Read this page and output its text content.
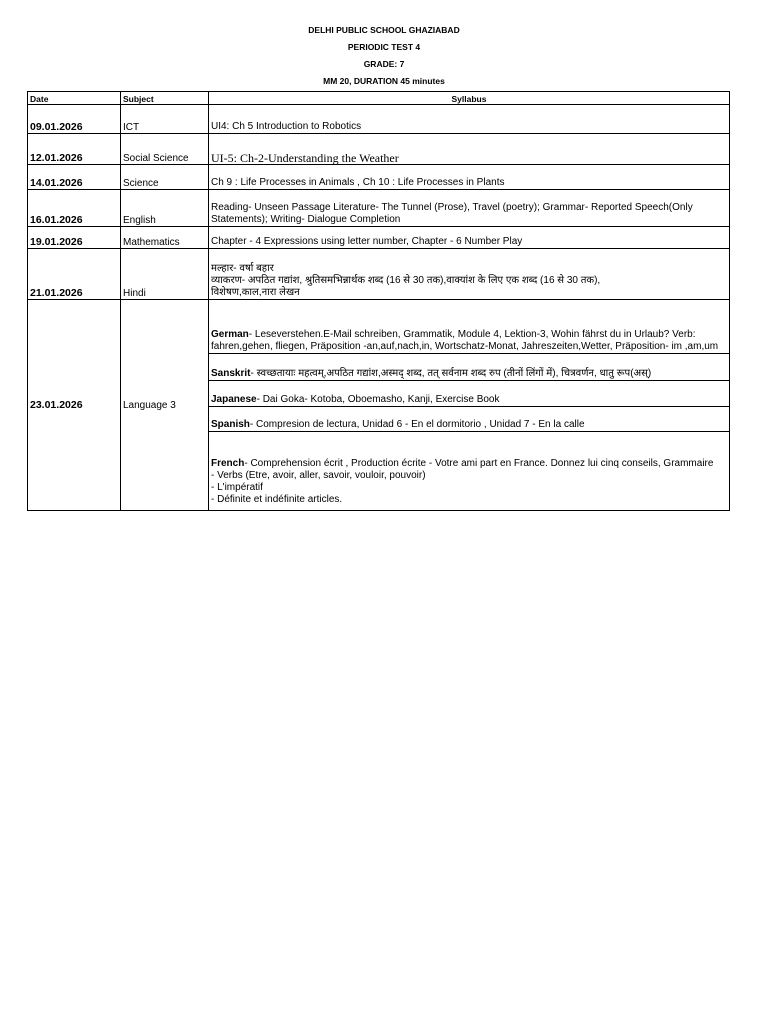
DELHI PUBLIC SCHOOL GHAZIABAD
PERIODIC TEST 4
GRADE: 7
MM 20, DURATION 45 minutes
Date	Subject	Syllabus
09.01.2026	ICT	UI4: Ch 5 Introduction to Robotics
12.01.2026	Social Science	UI-5: Ch-2-Understanding the Weather
14.01.2026	Science	Ch 9 : Life Processes in Animals , Ch 10 : Life Processes in Plants
16.01.2026	English	Reading- Unseen Passage Literature- The Tunnel (Prose), Travel (poetry); Grammar- Reported Speech(Only Statements); Writing- Dialogue Completion
19.01.2026	Mathematics	Chapter - 4 Expressions using letter number, Chapter - 6 Number Play
21.01.2026	Hindi	मल्हार- वर्षा बहार
व्याकरण- अपठित गद्यांश, श्रुतिसमभिन्नार्थक शब्द (16 से 30 तक),वाक्यांश के लिए एक शब्द (16 से 30 तक),
विशेषण,काल,नारा लेखन

23.01.2026	Language 3	German- Leseverstehen.E-Mail schreiben, Grammatik, Module 4, Lektion-3, Wohin fährst du in Urlaub? Verb: fahren,gehen, fliegen, Präposition -an,auf,nach,in, Wortschatz-Monat, Jahreszeiten,Wetter, Präposition- im ,am,um
		Sanskrit- स्वच्छतायाः महत्वम्,अपठित गद्यांश,अस्मद् शब्द, तत् सर्वनाम शब्द रुप (तीनों लिंगों में), चित्रवर्णन, धातु रूप(अस्)
		Japanese- Dai Goka- Kotoba, Oboemasho, Kanji, Exercise Book
		Spanish- Compresion de lectura, Unidad 6 - En el dormitorio , Unidad 7 - En la calle
		French- Comprehension écrit , Production écrite - Votre ami part en France. Donnez lui cinq conseils, Grammaire
- Verbs (Etre, avoir, aller, savoir, vouloir, pouvoir)
- L'impératif
- Définite et indéfinite articles.
